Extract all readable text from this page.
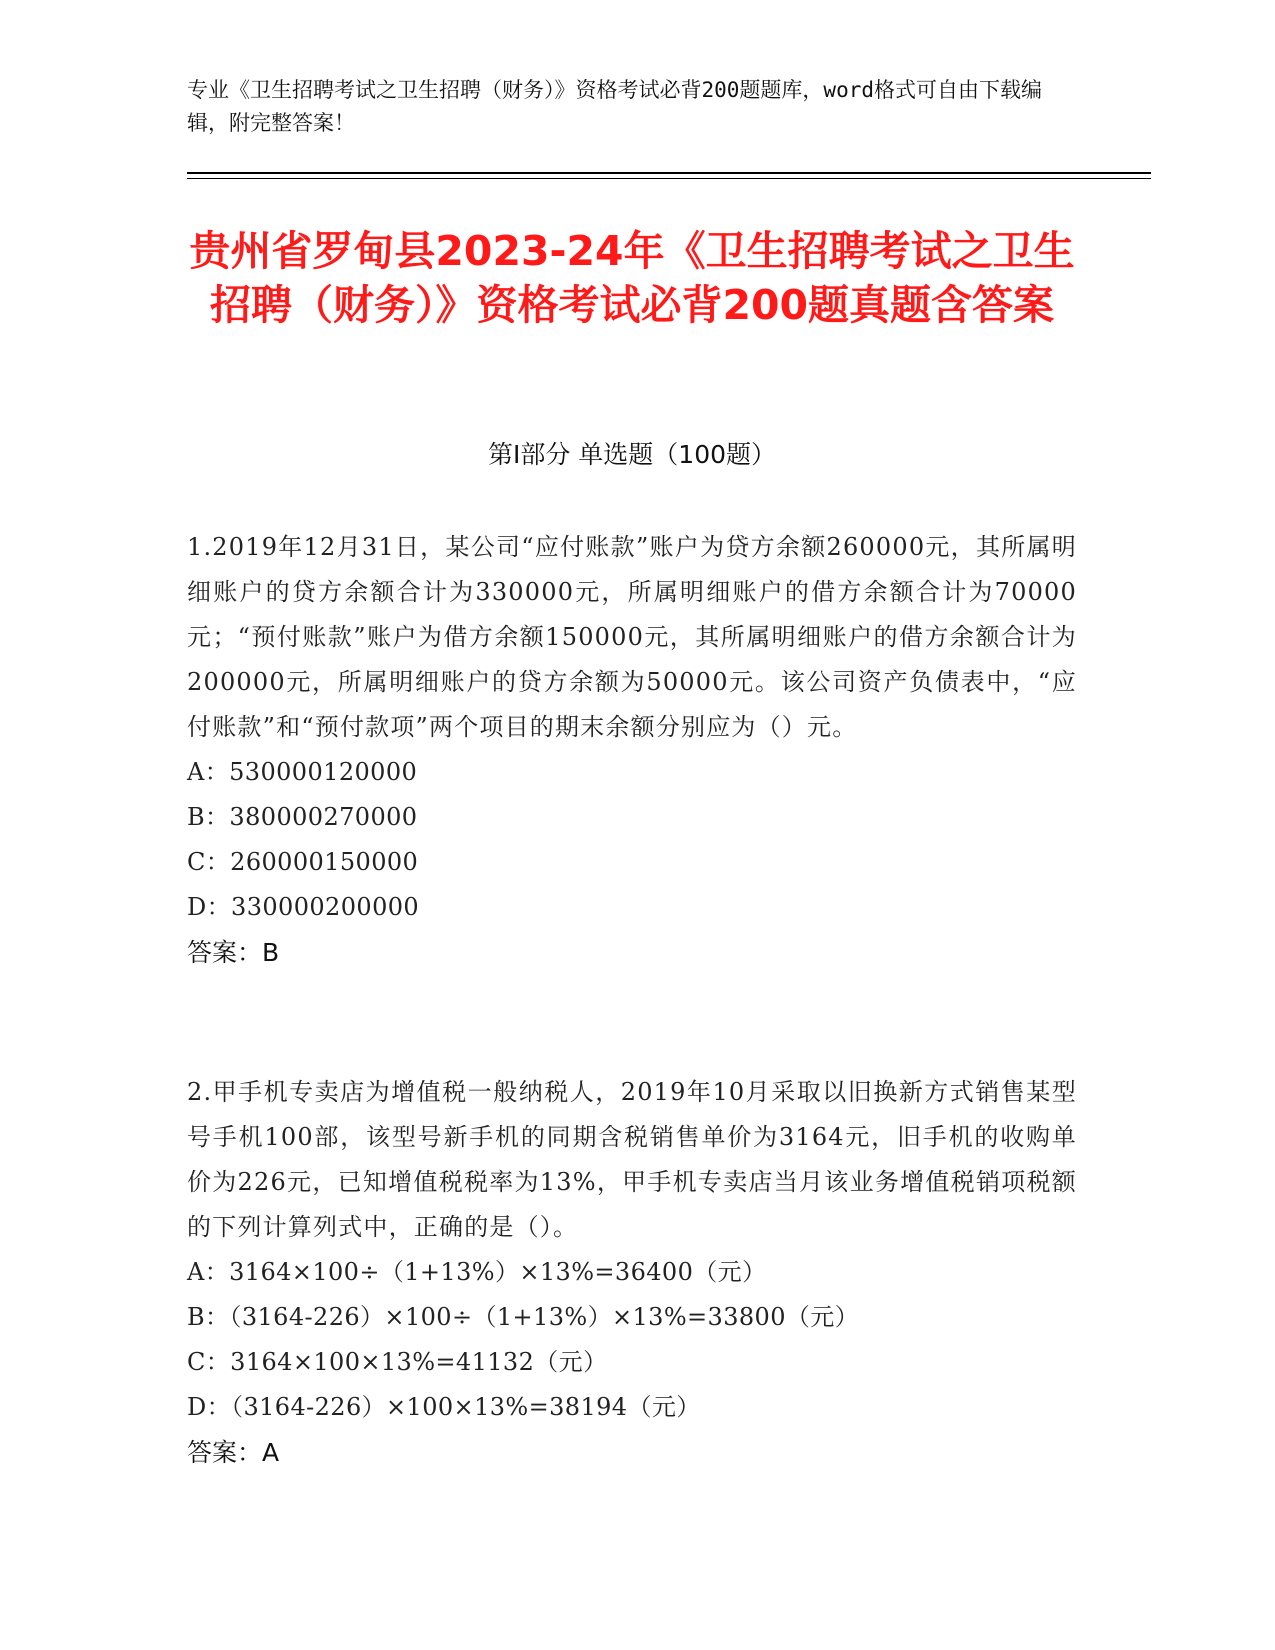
专业《卫生招聘考试之卫生招聘（财务）》资格考试必背200题题库，word格式可自由下载编辑，附完整答案！
贵州省罗甸县2023-24年《卫生招聘考试之卫生招聘（财务）》资格考试必背200题真题含答案
第Ⅰ部分 单选题（100题）
1.2019年12月31日，某公司“应付账款”账户为贷方余额260000元，其所属明细账户的贷方余额合计为330000元，所属明细账户的借方余额合计为70000元；“预付账款”账户为借方余额150000元，其所属明细账户的借方余额合计为200000元，所属明细账户的贷方余额为50000元。该公司资产负债表中，“应付账款”和“预付款项”两个项目的期末余额分别应为（）元。
A：530000120000
B：380000270000
C：260000150000
D：330000200000
答案：B
2.甲手机专卖店为增值税一般纳税人，2019年10月采取以旧换新方式销售某型号手机100部，该型号新手机的同期含税销售单价为3164元，旧手机的收购单价为226元，已知增值税税率为13%，甲手机专卖店当月该业务增值税销项税额的下列计算列式中，正确的是（）。
A：3164×100÷（1+13%）×13%=36400（元）
B：（3164-226）×100÷（1+13%）×13%=33800（元）
C：3164×100×13%=41132（元）
D：（3164-226）×100×13%=38194（元）
答案：A
